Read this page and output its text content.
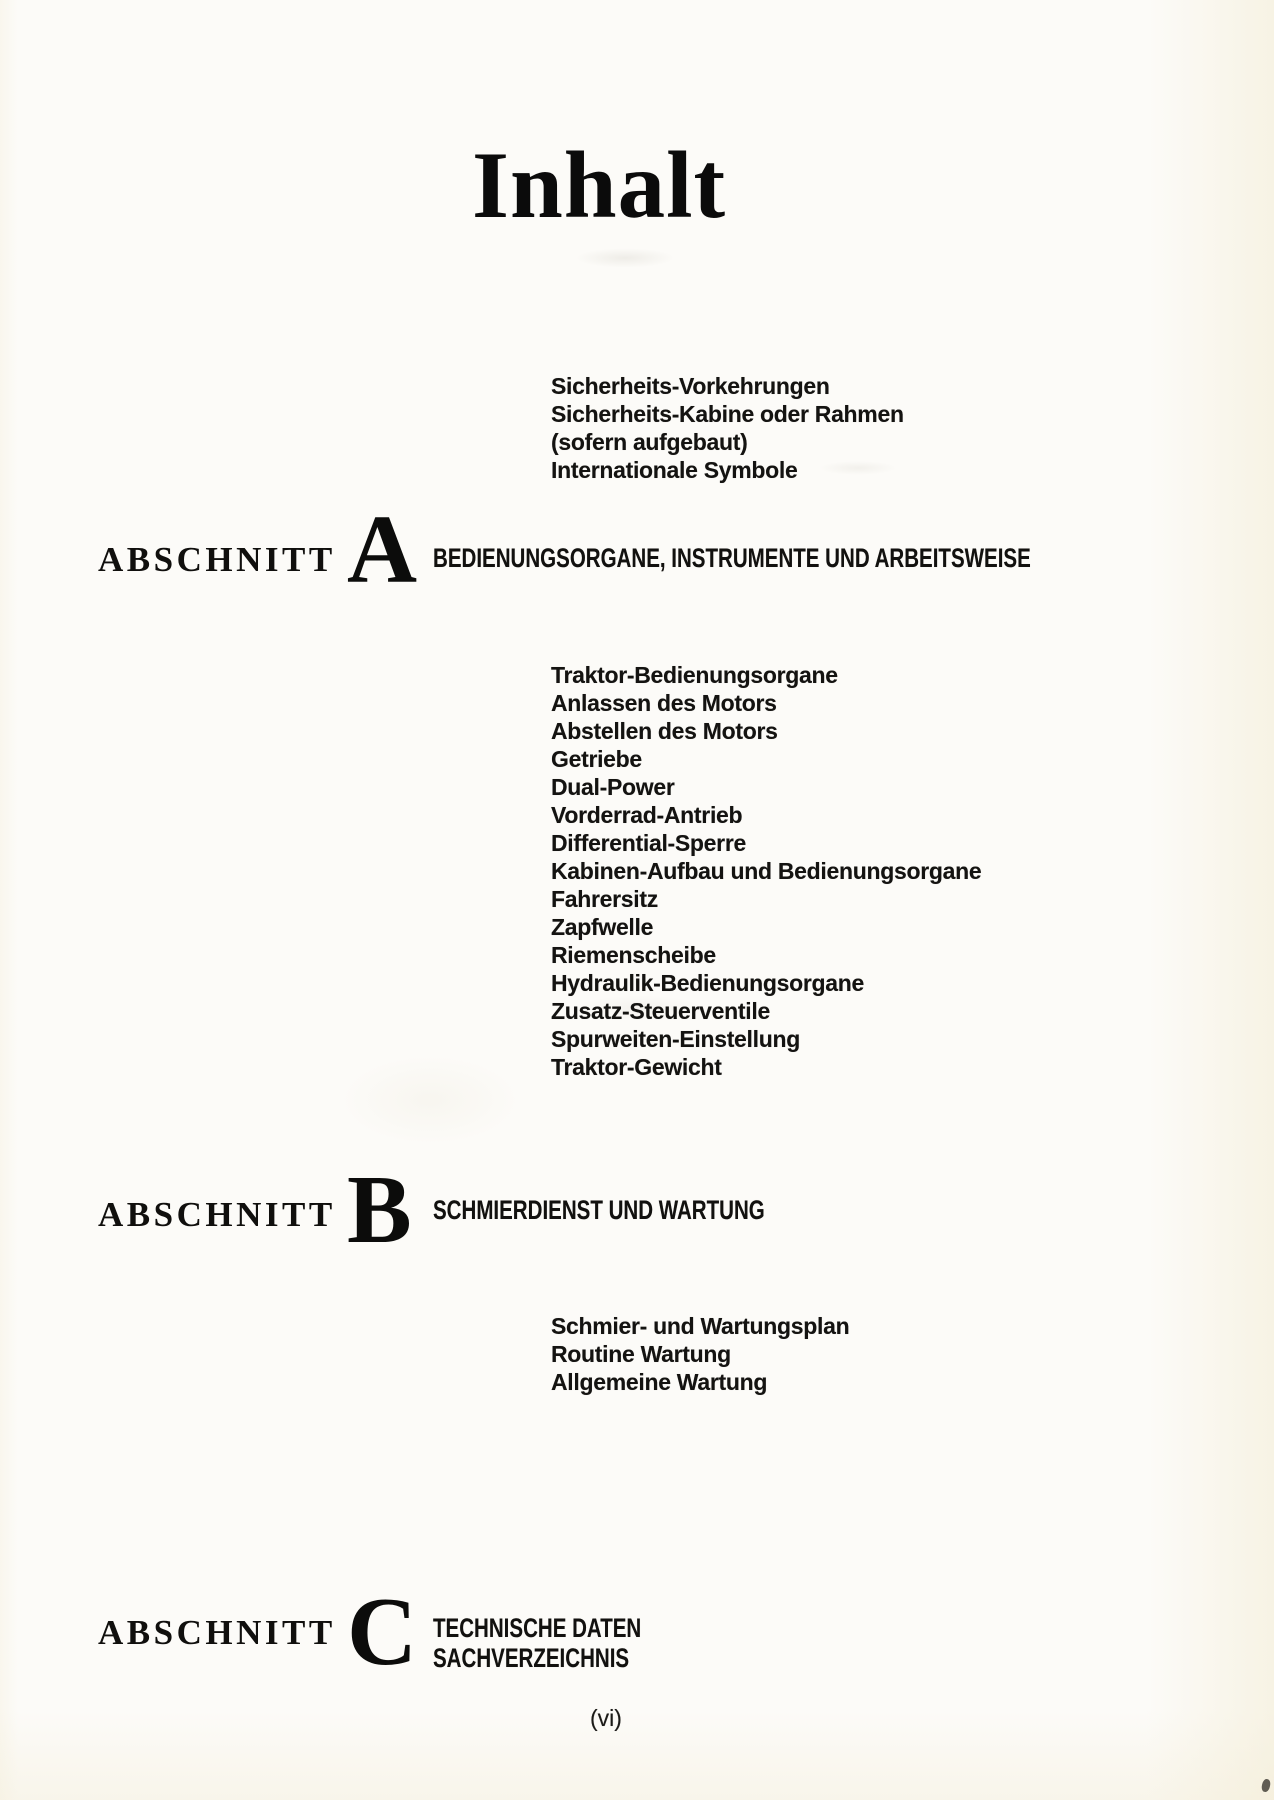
Inhalt
Sicherheits-Vorkehrungen
Sicherheits-Kabine oder Rahmen
(sofern aufgebaut)
Internationale Symbole
ABSCHNITT A BEDIENUNGSORGANE, INSTRUMENTE UND ARBEITSWEISE
Traktor-Bedienungsorgane
Anlassen des Motors
Abstellen des Motors
Getriebe
Dual-Power
Vorderrad-Antrieb
Differential-Sperre
Kabinen-Aufbau und Bedienungsorgane
Fahrersitz
Zapfwelle
Riemenscheibe
Hydraulik-Bedienungsorgane
Zusatz-Steuerventile
Spurweiten-Einstellung
Traktor-Gewicht
ABSCHNITT B SCHMIERDIENST UND WARTUNG
Schmier- und Wartungsplan
Routine Wartung
Allgemeine Wartung
ABSCHNITT C TECHNISCHE DATEN
SACHVERZEICHNIS
(vi)
